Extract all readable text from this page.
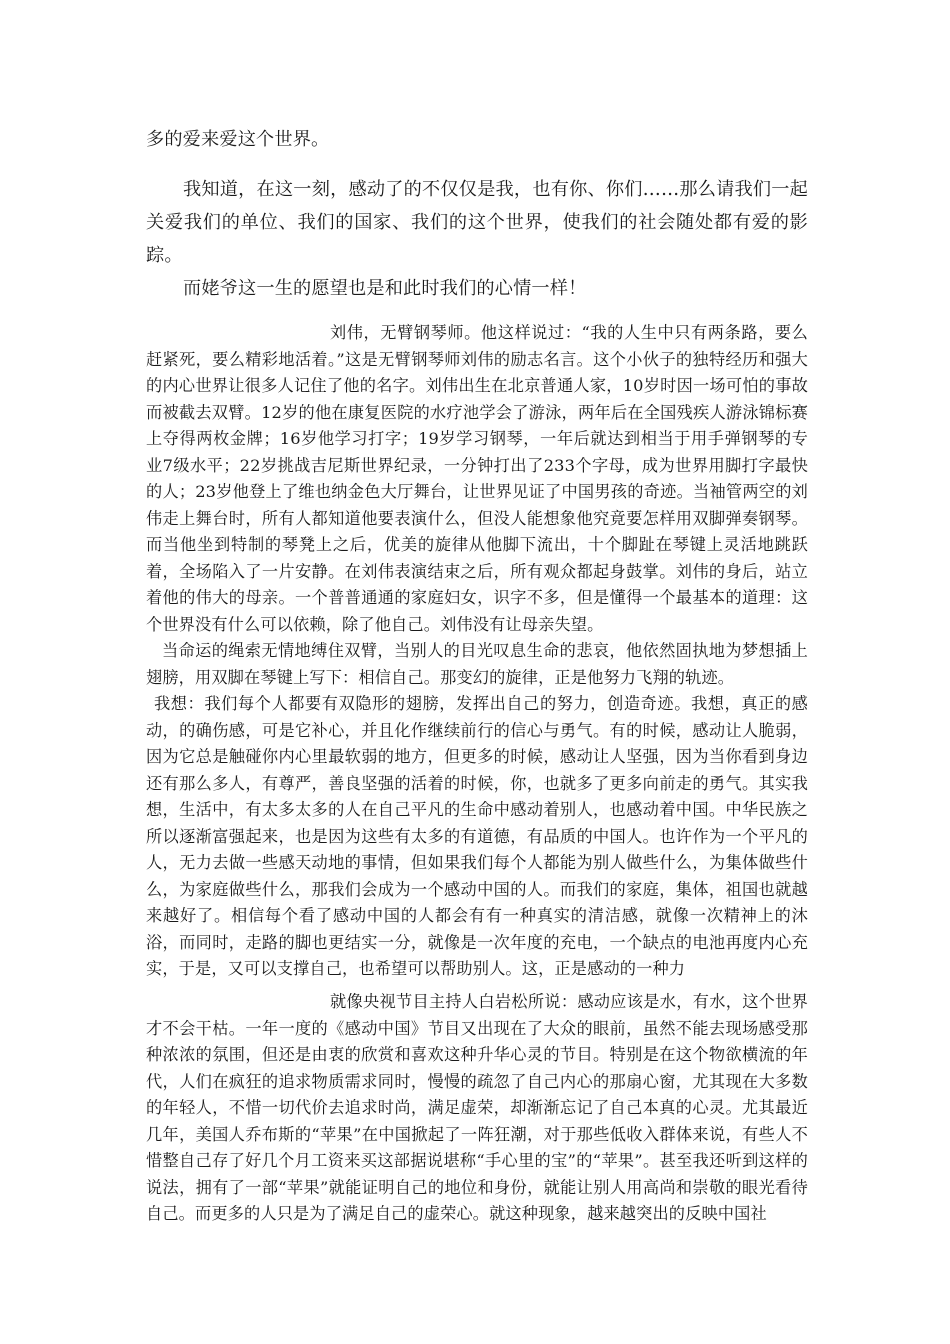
多的爱来爱这个世界。

我知道，在这一刻，感动了的不仅仅是我，也有你、你们……那么请我们一起关爱我们的单位、我们的国家、我们的这个世界，使我们的社会随处都有爱的影踪。

而姥爷这一生的愿望也是和此时我们的心情一样！

刘伟，无臂钢琴师。他这样说过：“我的人生中只有两条路，要么赶紧死，要么精彩地活着。”这是无臂钢琴师刘伟的励志名言。这个小伙子的独特经历和强大的内心世界让很多人记住了他的名字。刘伟出生在北京普通人家，10岁时因一场可怕的事故而被截去双臂。12岁的他在康复医院的水疗池学会了游泳，两年后在全国残疾人游泳锦标赛上夺得两枚金牌；16岁他学习打字；19岁学习钢琴，一年后就达到相当于用手弹钢琴的专业7级水平；22岁挑战吉尼斯世界纪录，一分钟打出了233个字母，成为世界用脚打字最快的人；23岁他登上了维也纳金色大厅舞台，让世界见证了中国男孩的奇迹。当袖管两空的刘伟走上舞台时，所有人都知道他要表演什么，但没人能想象他究竟要怎样用双脚弹奏钢琴。而当他坐到特制的琴凳上之后，优美的旋律从他脚下流出，十个脚趾在琴键上灵活地跳跃着，全场陷入了一片安静。在刘伟表演结束之后，所有观众都起身鼓掌。刘伟的身后，站立着他的伟大的母亲。一个普普通通的家庭妇女，识字不多，但是懂得一个最基本的道理：这个世界没有什么可以依赖，除了他自己。刘伟没有让母亲失望。

当命运的绳索无情地缚住双臂，当别人的目光叹息生命的悲哀，他依然固执地为梦想插上翅膀，用双脚在琴键上写下：相信自己。那变幻的旋律，正是他努力飞翔的轨迹。

我想：我们每个人都要有双隐形的翅膀，发挥出自己的努力，创造奇迹。我想，真正的感动，的确伤感，可是它补心，并且化作继续前行的信心与勇气。有的时候，感动让人脆弱，因为它总是触碰你内心里最软弱的地方，但更多的时候，感动让人坚强，因为当你看到身边还有那么多人，有尊严，善良坚强的活着的时候，你，也就多了更多向前走的勇气。其实我想，生活中，有太多太多的人在自己平凡的生命中感动着别人，也感动着中国。中华民族之所以逐渐富强起来，也是因为这些有太多的有道德，有品质的中国人。也许作为一个平凡的人，无力去做一些感天动地的事情，但如果我们每个人都能为别人做些什么，为集体做些什么，为家庭做些什么，那我们会成为一个感动中国的人。而我们的家庭，集体，祖国也就越来越好了。相信每个看了感动中国的人都会有有一种真实的清洁感，就像一次精神上的沐浴，而同时，走路的脚也更结实一分，就像是一次年度的充电，一个缺点的电池再度内心充实，于是，又可以支撑自己，也希望可以帮助别人。这，正是感动的一种力

就像央视节目主持人白岩松所说：感动应该是水，有水，这个世界才不会干枯。一年一度的《感动中国》节目又出现在了大众的眼前，虽然不能去现场感受那种浓浓的氛围，但还是由衷的欣赏和喜欢这种升华心灵的节目。特别是在这个物欲横流的年代，人们在疯狂的追求物质需求同时，慢慢的疏忽了自己内心的那扇心窗，尤其现在大多数的年轻人，不惜一切代价去追求时尚，满足虚荣，却渐渐忘记了自己本真的心灵。尤其最近几年，美国人乔布斯的“苹果”在中国掀起了一阵狂潮，对于那些低收入群体来说，有些人不惜整自己存了好几个月工资来买这部据说堪称“手心里的宝”的“苹果”。甚至我还听到这样的说法，拥有了一部“苹果”就能证明自己的地位和身份，就能让别人用高尚和崇敬的眼光看待自己。而更多的人只是为了满足自己的虚荣心。就这种现象，越来越突出的反映中国社
